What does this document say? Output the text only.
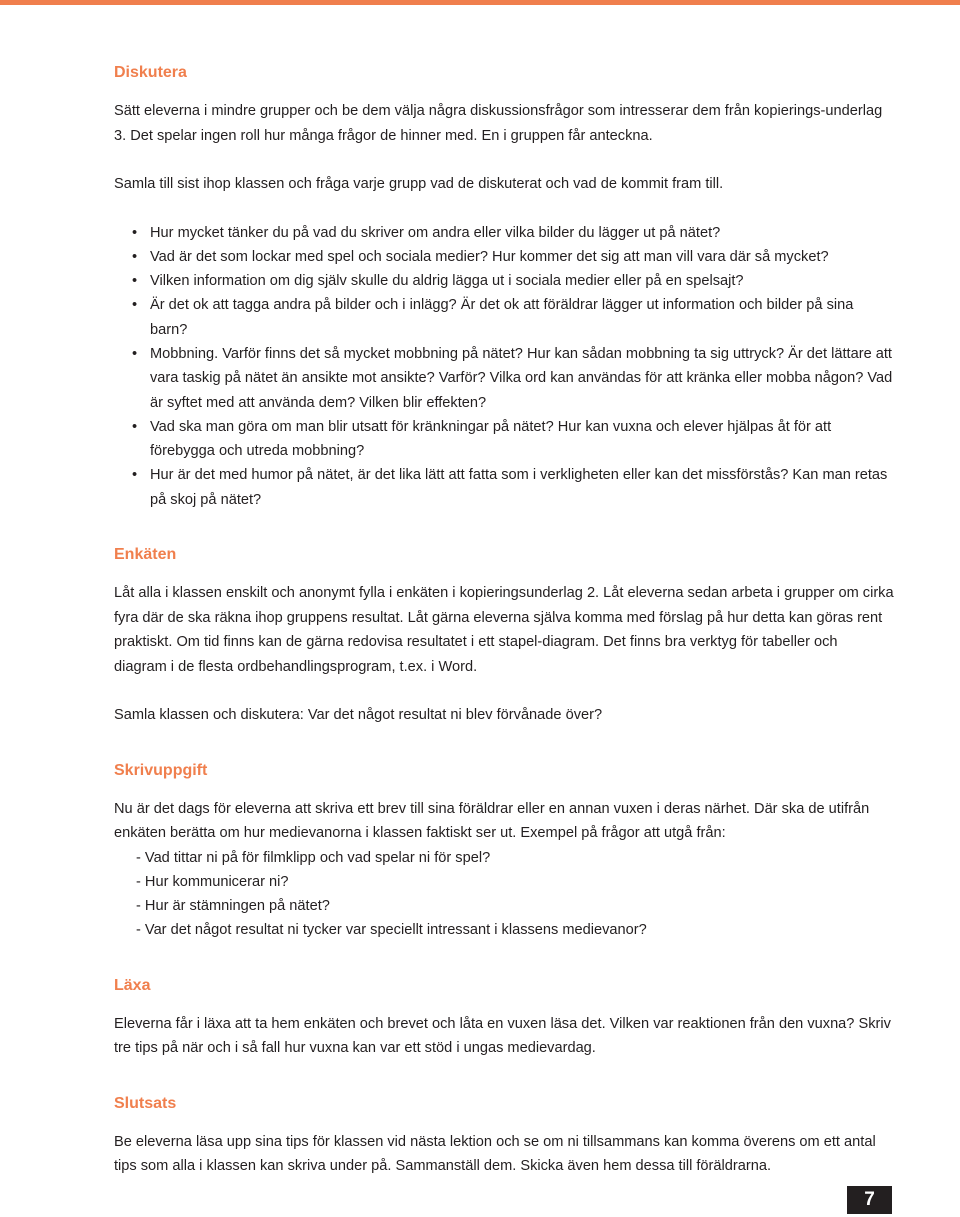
Diskutera

Sätt eleverna i mindre grupper och be dem välja några diskussionsfrågor som intresserar dem från kopierings-underlag 3. Det spelar ingen roll hur många frågor de hinner med. En i gruppen får anteckna.

Samla till sist ihop klassen och fråga varje grupp vad de diskuterat och vad de kommit fram till.

• Hur mycket tänker du på vad du skriver om andra eller vilka bilder du lägger ut på nätet?
• Vad är det som lockar med spel och sociala medier? Hur kommer det sig att man vill vara där så mycket?
• Vilken information om dig själv skulle du aldrig lägga ut i sociala medier eller på en spelsajt?
• Är det ok att tagga andra på bilder och i inlägg? Är det ok att föräldrar lägger ut information och bilder på sina barn?
• Mobbning. Varför finns det så mycket mobbning på nätet? Hur kan sådan mobbning ta sig uttryck? Är det lättare att vara taskig på nätet än ansikte mot ansikte? Varför? Vilka ord kan användas för att kränka eller mobba någon? Vad är syftet med att använda dem? Vilken blir effekten?
• Vad ska man göra om man blir utsatt för kränkningar på nätet? Hur kan vuxna och elever hjälpas åt för att förebygga och utreda mobbning?
• Hur är det med humor på nätet, är det lika lätt att fatta som i verkligheten eller kan det missförstås? Kan man retas på skoj på nätet?
Enkäten

Låt alla i klassen enskilt och anonymt fylla i enkäten i kopieringsunderlag 2. Låt eleverna sedan arbeta i grupper om cirka fyra där de ska räkna ihop gruppens resultat. Låt gärna eleverna själva komma med förslag på hur detta kan göras rent praktiskt. Om tid finns kan de gärna redovisa resultatet i ett stapel-diagram. Det finns bra verktyg för tabeller och diagram i de flesta ordbehandlingsprogram, t.ex. i Word.

Samla klassen och diskutera: Var det något resultat ni blev förvånade över?

Skrivuppgift

Nu är det dags för eleverna att skriva ett brev till sina föräldrar eller en annan vuxen i deras närhet. Där ska de utifrån enkäten berätta om hur medievanorna i klassen faktiskt ser ut. Exempel på frågor att utgå från:

- Vad tittar ni på för filmklipp och vad spelar ni för spel?
- Hur kommunicerar ni?
- Hur är stämningen på nätet?
- Var det något resultat ni tycker var speciellt intressant i klassens medievanor?
Läxa

Eleverna får i läxa att ta hem enkäten och brevet och låta en vuxen läsa det. Vilken var reaktionen från den vuxna? Skriv tre tips på när och i så fall hur vuxna kan var ett stöd i ungas medievardag.

Slutsats

Be eleverna läsa upp sina tips för klassen vid nästa lektion och se om ni tillsammans kan komma överens om ett antal tips som alla i klassen kan skriva under på. Sammanställ dem. Skicka även hem dessa till föräldrarna.

7
